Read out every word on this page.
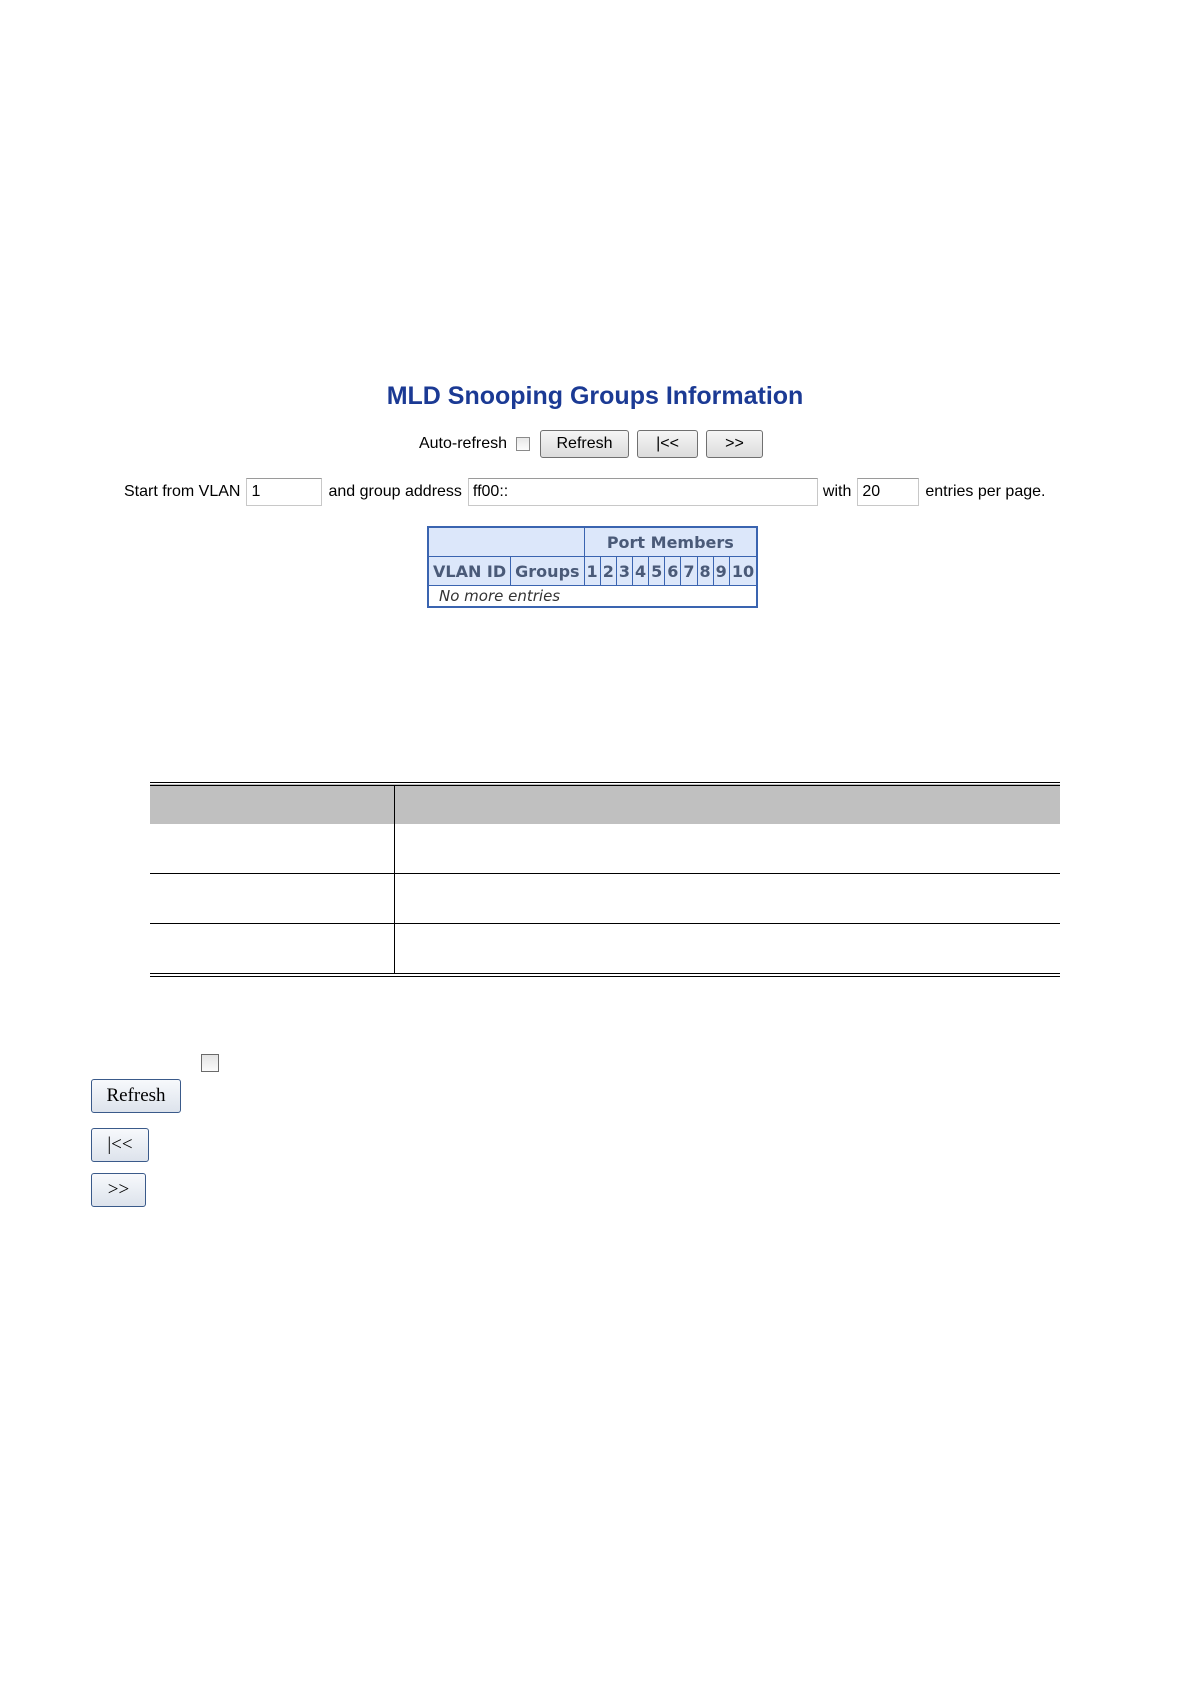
MLD Snooping Groups Information
Auto-refresh	Refresh	|<<	>>
Start from VLAN 1	and group address ff00::	with 20	entries per page.
		Port Members									
VLAN ID	Groups	1	2	3	4	5	6	7	8	9	10
No more entries											

Refresh
|<<
>>
